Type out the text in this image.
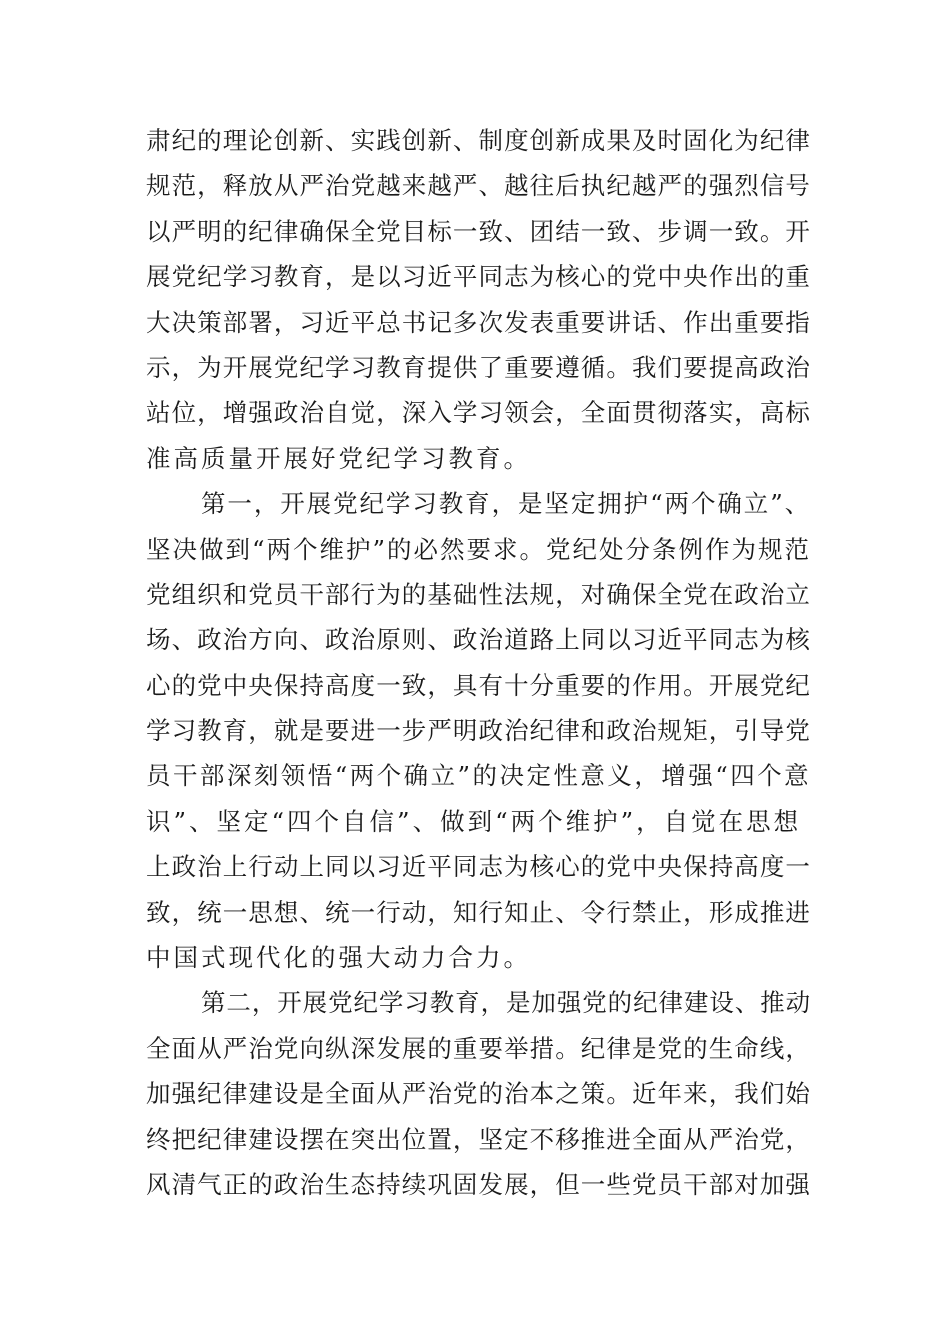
肃纪的理论创新、实践创新、制度创新成果及时固化为纪律
规范，释放从严治党越来越严、越往后执纪越严的强烈信号
以严明的纪律确保全党目标一致、团结一致、步调一致。开
展党纪学习教育，是以习近平同志为核心的党中央作出的重
大决策部署，习近平总书记多次发表重要讲话、作出重要指
示，为开展党纪学习教育提供了重要遵循。我们要提高政治
站位，增强政治自觉，深入学习领会，全面贯彻落实，高标
准高质量开展好党纪学习教育。
第一，开展党纪学习教育，是坚定拥护“两个确立”、
坚决做到“两个维护”的必然要求。党纪处分条例作为规范
党组织和党员干部行为的基础性法规，对确保全党在政治立
场、政治方向、政治原则、政治道路上同以习近平同志为核
心的党中央保持高度一致，具有十分重要的作用。开展党纪
学习教育，就是要进一步严明政治纪律和政治规矩，引导党
员干部深刻领悟“两个确立”的决定性意义，增强“四个意
识”、坚定“四个自信”、做到“两个维护”，自觉在思想
上政治上行动上同以习近平同志为核心的党中央保持高度一
致，统一思想、统一行动，知行知止、令行禁止，形成推进
中国式现代化的强大动力合力。
第二，开展党纪学习教育，是加强党的纪律建设、推动
全面从严治党向纵深发展的重要举措。纪律是党的生命线，
加强纪律建设是全面从严治党的治本之策。近年来，我们始
终把纪律建设摆在突出位置，坚定不移推进全面从严治党，
风清气正的政治生态持续巩固发展，但一些党员干部对加强
